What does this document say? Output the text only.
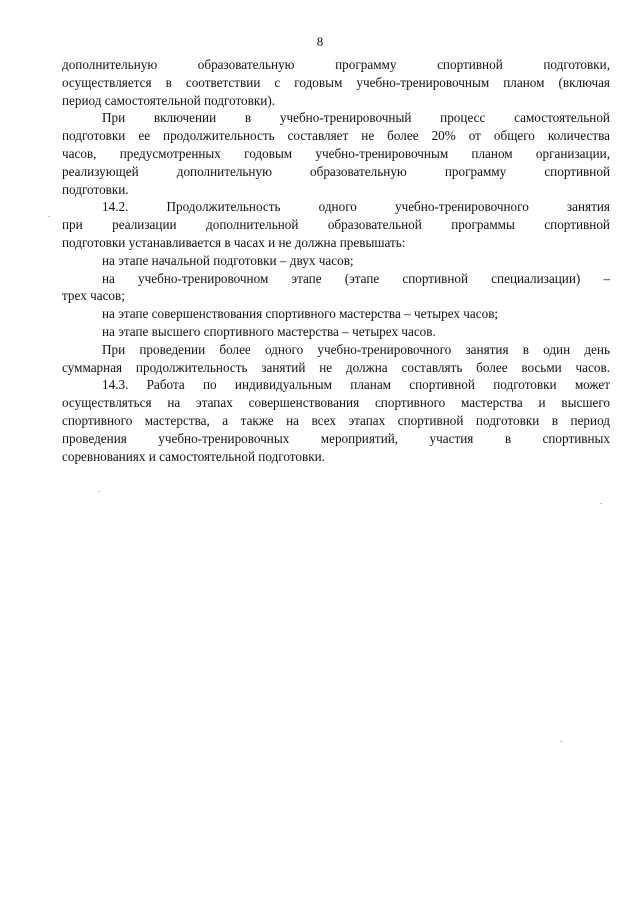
8
дополнительную образовательную программу спортивной подготовки,
осуществляется в соответствии с годовым учебно-тренировочным планом (включая
период самостоятельной подготовки).
При включении в учебно-тренировочный процесс самостоятельной
подготовки ее продолжительность составляет не более 20% от общего количества
часов, предусмотренных годовым учебно-тренировочным планом организации,
реализующей дополнительную образовательную программу спортивной
подготовки.
14.2. Продолжительность одного учебно-тренировочного занятия
при реализации дополнительной образовательной программы спортивной
подготовки устанавливается в часах и не должна превышать:
на этапе начальной подготовки – двух часов;
на учебно-тренировочном этапе (этапе спортивной специализации) –
трех часов;
на этапе совершенствования спортивного мастерства – четырех часов;
на этапе высшего спортивного мастерства – четырех часов.
При проведении более одного учебно-тренировочного занятия в один день
суммарная продолжительность занятий не должна составлять более восьми часов.
14.3. Работа по индивидуальным планам спортивной подготовки может
осуществляться на этапах совершенствования спортивного мастерства и высшего
спортивного мастерства, а также на всех этапах спортивной подготовки в период
проведения учебно-тренировочных мероприятий, участия в спортивных
соревнованиях и самостоятельной подготовки.
